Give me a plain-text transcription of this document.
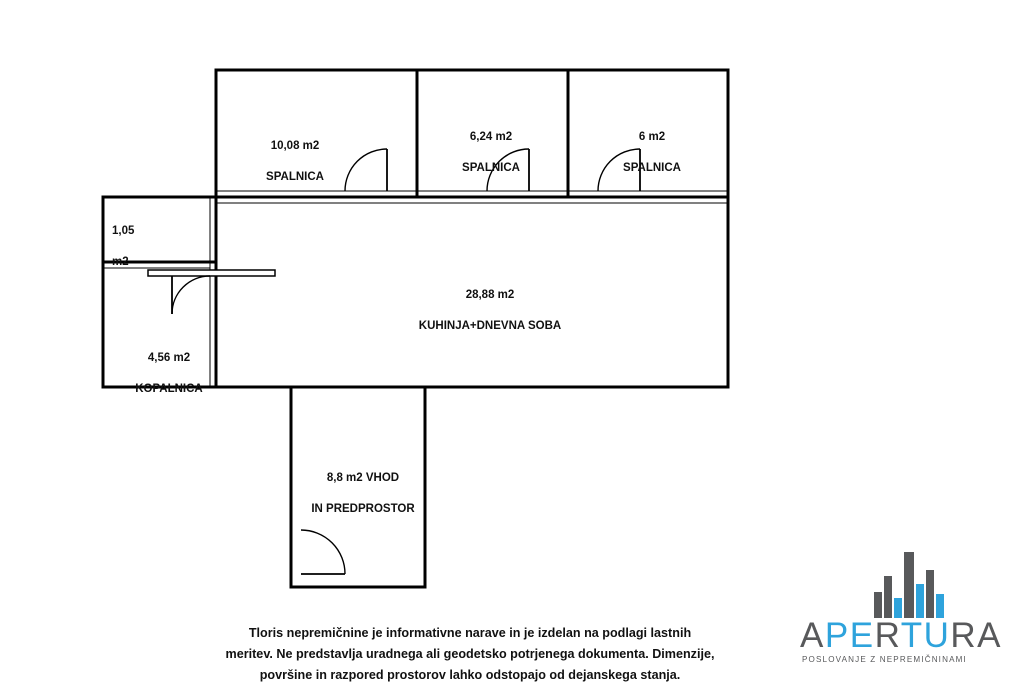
10,08 m2

SPALNICA

6,24 m2

SPALNICA

6 m2

SPALNICA

1,05

m2

4,56 m2

KOPALNICA

28,88 m2

KUHINJA+DNEVNA SOBA

8,8 m2 VHOD

IN PREDPROSTOR

Tloris nepremičnine je informativne narave in je izdelan na podlagi lastnih
meritev. Ne predstavlja uradnega ali geodetsko potrjenega dokumenta. Dimenzije,
površine in razpored prostorov lahko odstopajo od dejanskega stanja.
APERTURA
POSLOVANJE Z NEPREMIČNINAMI
